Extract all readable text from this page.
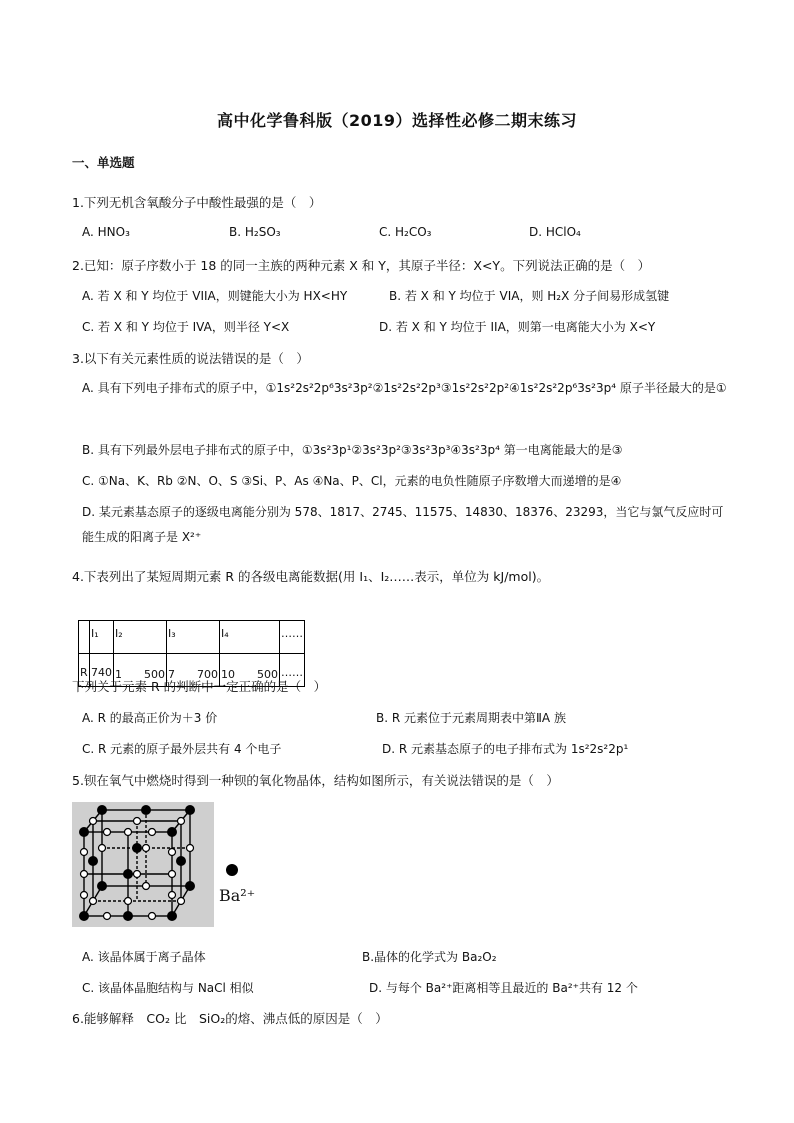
高中化学鲁科版（2019）选择性必修二期末练习
一、单选题
1.下列无机含氧酸分子中酸性最强的是（　）
A. HNO₃	B. H₂SO₃	C. H₂CO₃	D. HClO₄
2.已知：原子序数小于 18 的同一主族的两种元素 X 和 Y，其原子半径：X<Y。下列说法正确的是（　）
A. 若 X 和 Y 均位于 VIIA，则键能大小为 HX<HY	B. 若 X 和 Y 均位于 VIA，则 H₂X 分子间易形成氢键
C. 若 X 和 Y 均位于 IVA，则半径 Y<X	D. 若 X 和 Y 均位于 IIA，则第一电离能大小为 X<Y
3.以下有关元素性质的说法错误的是（　）
A. 具有下列电子排布式的原子中，①1s²2s²2p⁶3s²3p²②1s²2s²2p³③1s²2s²2p²④1s²2s²2p⁶3s²3p⁴ 原子半径最大的是①
B. 具有下列最外层电子排布式的原子中，①3s²3p¹②3s²3p²③3s²3p³④3s²3p⁴ 第一电离能最大的是③
C. ①Na、K、Rb ②N、O、S ③Si、P、As ④Na、P、Cl，元素的电负性随原子序数增大而递增的是④
D. 某元素基态原子的逐级电离能分别为 578、1817、2745、11575、14830、18376、23293，当它与氯气反应时可能生成的阳离子是 X²⁺
4.下表列出了某短周期元素 R 的各级电离能数据(用 I₁、I₂……表示，单位为 kJ/mol)。

	I₁	I₂	I₃	I₄	……

R	740	1　　500	7　　700	10　　500	……
下列关于元素 R 的判断中一定正确的是（　）
A. R 的最高正价为＋3 价	B. R 元素位于元素周期表中第ⅡA 族
C. R 元素的原子最外层共有 4 个电子	D. R 元素基态原子的电子排布式为 1s²2s²2p¹
5.钡在氧气中燃烧时得到一种钡的氧化物晶体，结构如图所示，有关说法错误的是（　）
Ba²⁺
A. 该晶体属于离子晶体	B.晶体的化学式为 Ba₂O₂
C. 该晶体晶胞结构与 NaCl 相似	D. 与每个 Ba²⁺距离相等且最近的 Ba²⁺共有 12 个
6.能够解释　CO₂ 比　SiO₂的熔、沸点低的原因是（　）
